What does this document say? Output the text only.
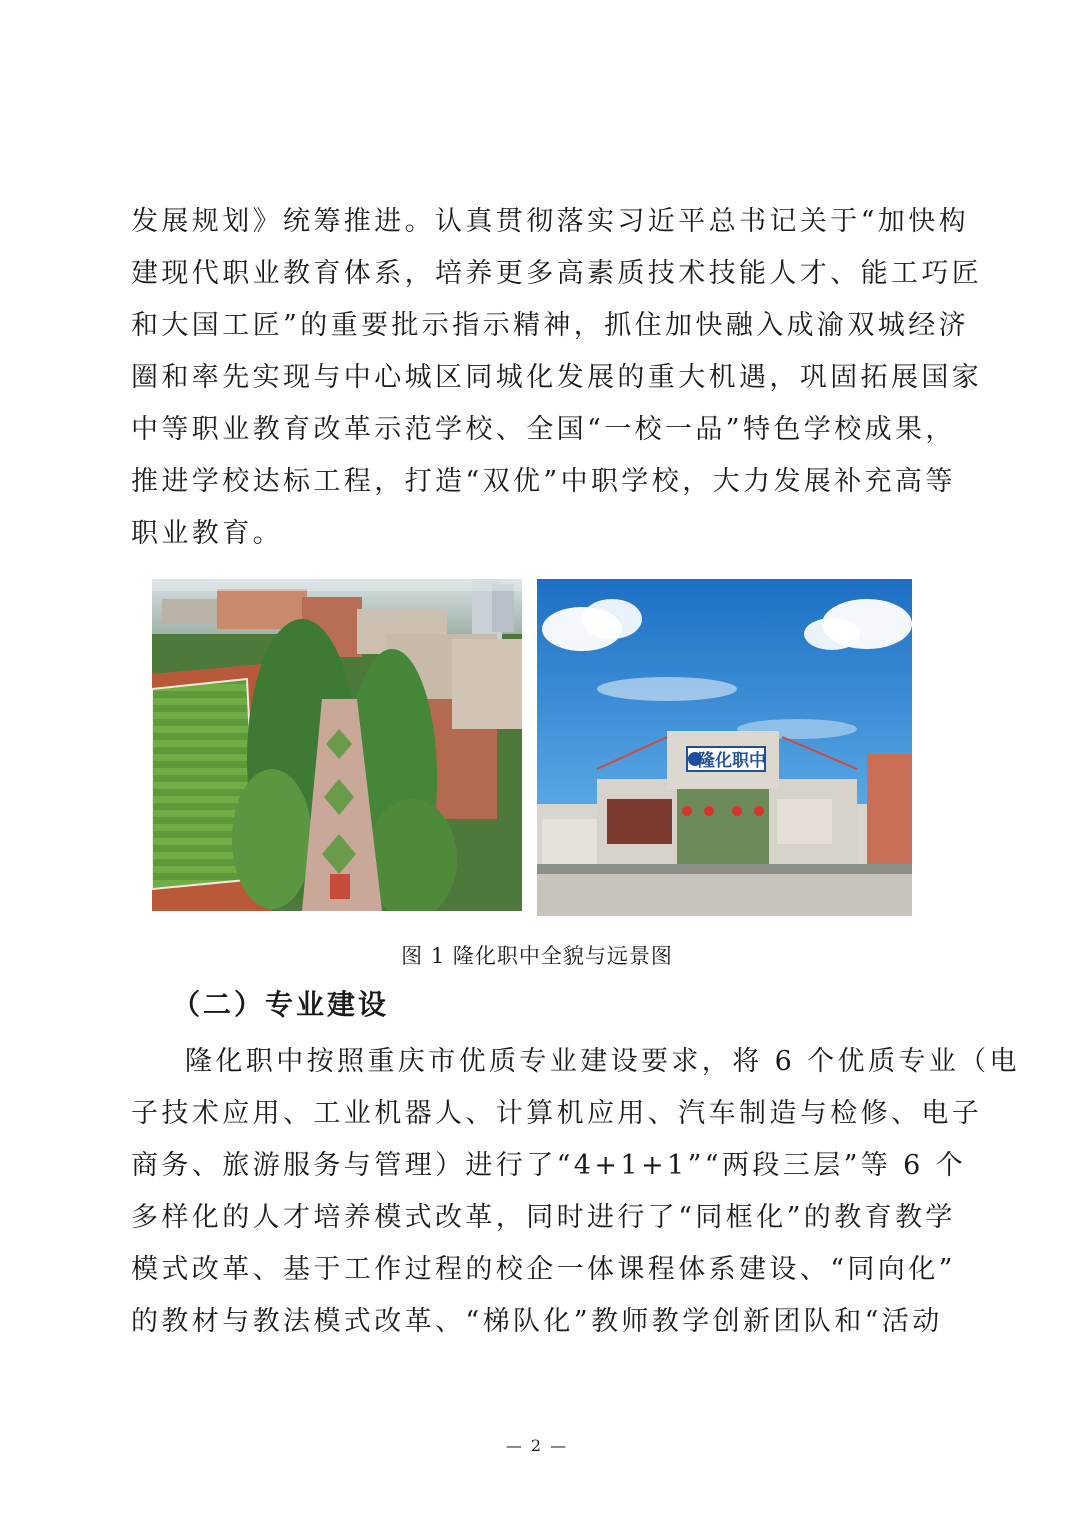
发展规划》统筹推进。认真贯彻落实习近平总书记关于“加快构
建现代职业教育体系，培养更多高素质技术技能人才、能工巧匠
和大国工匠”的重要批示指示精神，抓住加快融入成渝双城经济
圈和率先实现与中心城区同城化发展的重大机遇，巩固拓展国家
中等职业教育改革示范学校、全国“一校一品”特色学校成果，
推进学校达标工程，打造“双优”中职学校，大力发展补充高等
职业教育。
隆化职中
图 1 隆化职中全貌与远景图
（二）专业建设
隆化职中按照重庆市优质专业建设要求，将 6 个优质专业（电
子技术应用、工业机器人、计算机应用、汽车制造与检修、电子
商务、旅游服务与管理）进行了“4+1+1”“两段三层”等 6 个
多样化的人才培养模式改革，同时进行了“同框化”的教育教学
模式改革、基于工作过程的校企一体课程体系建设、“同向化”
的教材与教法模式改革、“梯队化”教师教学创新团队和“活动
— 2 —
